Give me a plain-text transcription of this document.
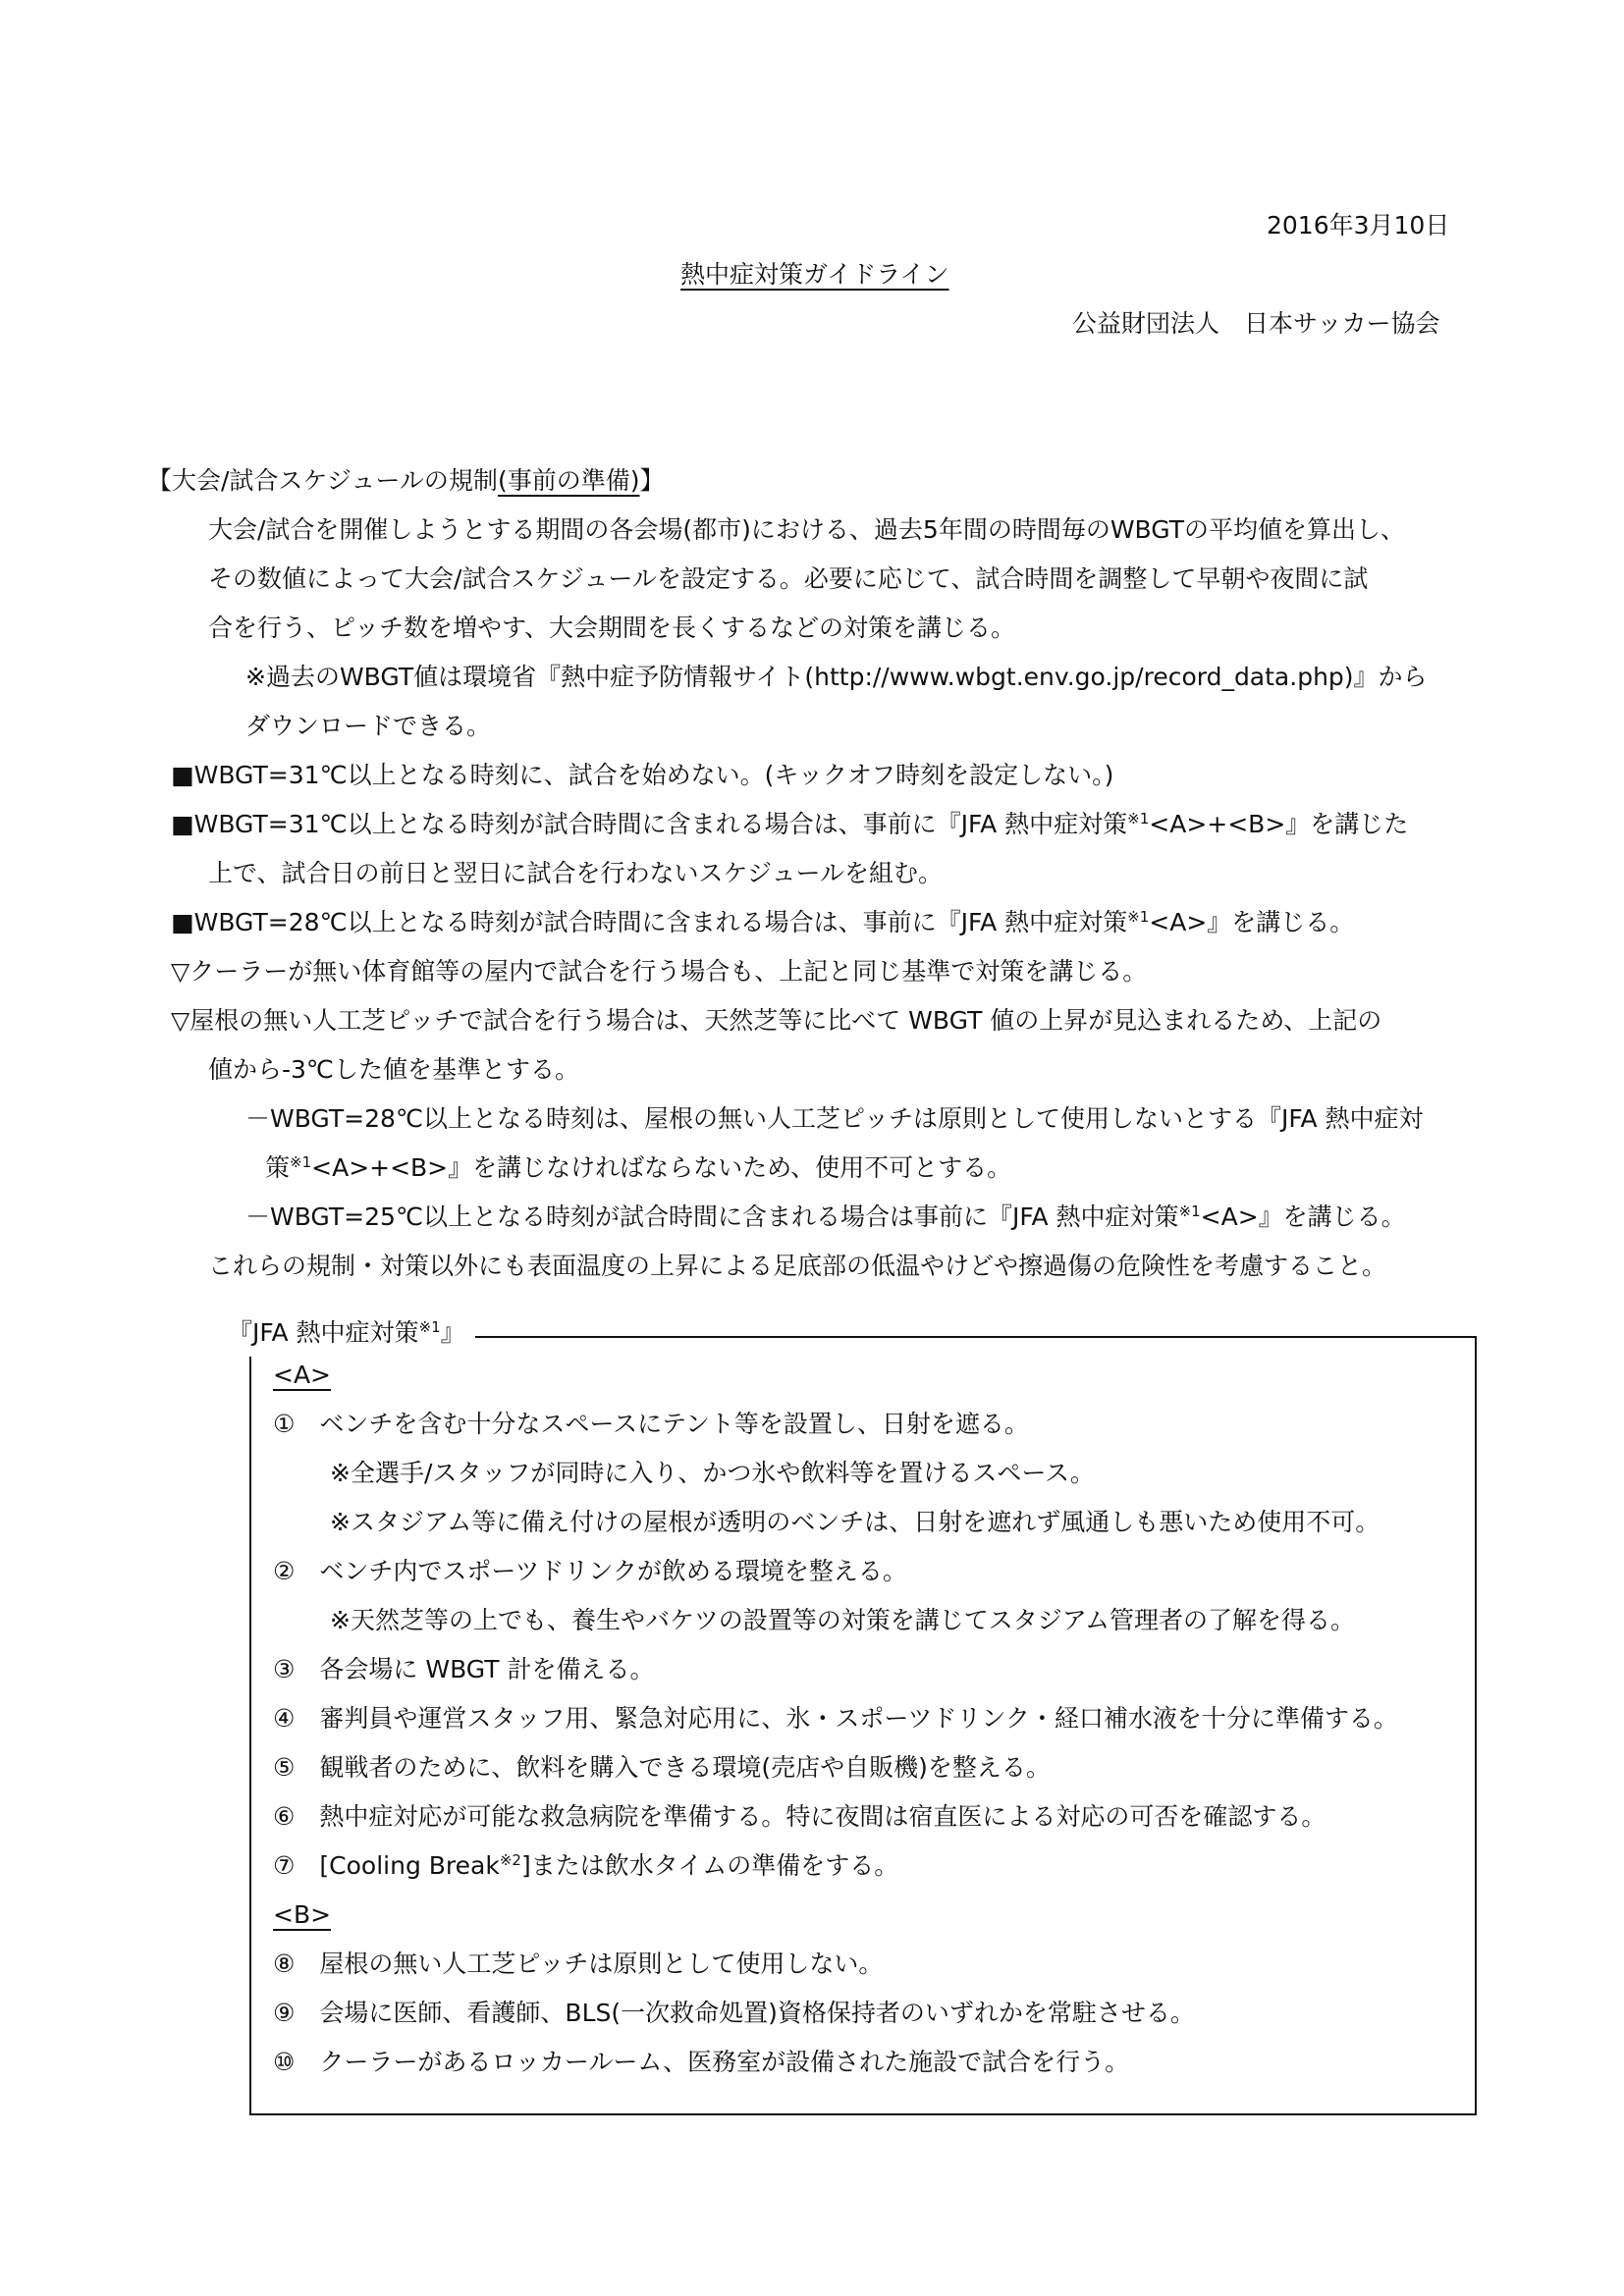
2016年3月10日
熱中症対策ガイドライン
公益財団法人　日本サッカー協会
【大会/試合スケジュールの規制(事前の準備)】
大会/試合を開催しようとする期間の各会場(都市)における、過去5年間の時間毎のWBGTの平均値を算出し、
その数値によって大会/試合スケジュールを設定する。必要に応じて、試合時間を調整して早朝や夜間に試
合を行う、ピッチ数を増やす、大会期間を長くするなどの対策を講じる。
※過去のWBGT値は環境省『熱中症予防情報サイト(http://www.wbgt.env.go.jp/record_data.php)』から
ダウンロードできる。
■WBGT=31℃以上となる時刻に、試合を始めない。(キックオフ時刻を設定しない。)
■WBGT=31℃以上となる時刻が試合時間に含まれる場合は、事前に『JFA 熱中症対策$^{※1}$<A>+<B>』を講じた
上で、試合日の前日と翌日に試合を行わないスケジュールを組む。
■WBGT=28℃以上となる時刻が試合時間に含まれる場合は、事前に『JFA 熱中症対策$^{※1}$<A>』を講じる。
▽クーラーが無い体育館等の屋内で試合を行う場合も、上記と同じ基準で対策を講じる。
▽屋根の無い人工芝ピッチで試合を行う場合は、天然芝等に比べて WBGT 値の上昇が見込まれるため、上記の
値から-3℃した値を基準とする。
－WBGT=28℃以上となる時刻は、屋根の無い人工芝ピッチは原則として使用しないとする『JFA 熱中症対
策$^{※1}$<A>+<B>』を講じなければならないため、使用不可とする。
－WBGT=25℃以上となる時刻が試合時間に含まれる場合は事前に『JFA 熱中症対策$^{※1}$<A>』を講じる。
これらの規制・対策以外にも表面温度の上昇による足底部の低温やけどや擦過傷の危険性を考慮すること。
<A>
①　ベンチを含む十分なスペースにテント等を設置し、日射を遮る。
※全選手/スタッフが同時に入り、かつ氷や飲料等を置けるスペース。
※スタジアム等に備え付けの屋根が透明のベンチは、日射を遮れず風通しも悪いため使用不可。
②　ベンチ内でスポーツドリンクが飲める環境を整える。
※天然芝等の上でも、養生やバケツの設置等の対策を講じてスタジアム管理者の了解を得る。
③　各会場に WBGT 計を備える。
④　審判員や運営スタッフ用、緊急対応用に、氷・スポーツドリンク・経口補水液を十分に準備する。
⑤　観戦者のために、飲料を購入できる環境(売店や自販機)を整える。
⑥　熱中症対応が可能な救急病院を準備する。特に夜間は宿直医による対応の可否を確認する。
⑦　[Cooling Break$^{※2}$]または飲水タイムの準備をする。
<B>
⑧　屋根の無い人工芝ピッチは原則として使用しない。
⑨　会場に医師、看護師、BLS(一次救命処置)資格保持者のいずれかを常駐させる。
⑩　クーラーがあるロッカールーム、医務室が設備された施設で試合を行う。
『JFA 熱中症対策$^{※1}$』
